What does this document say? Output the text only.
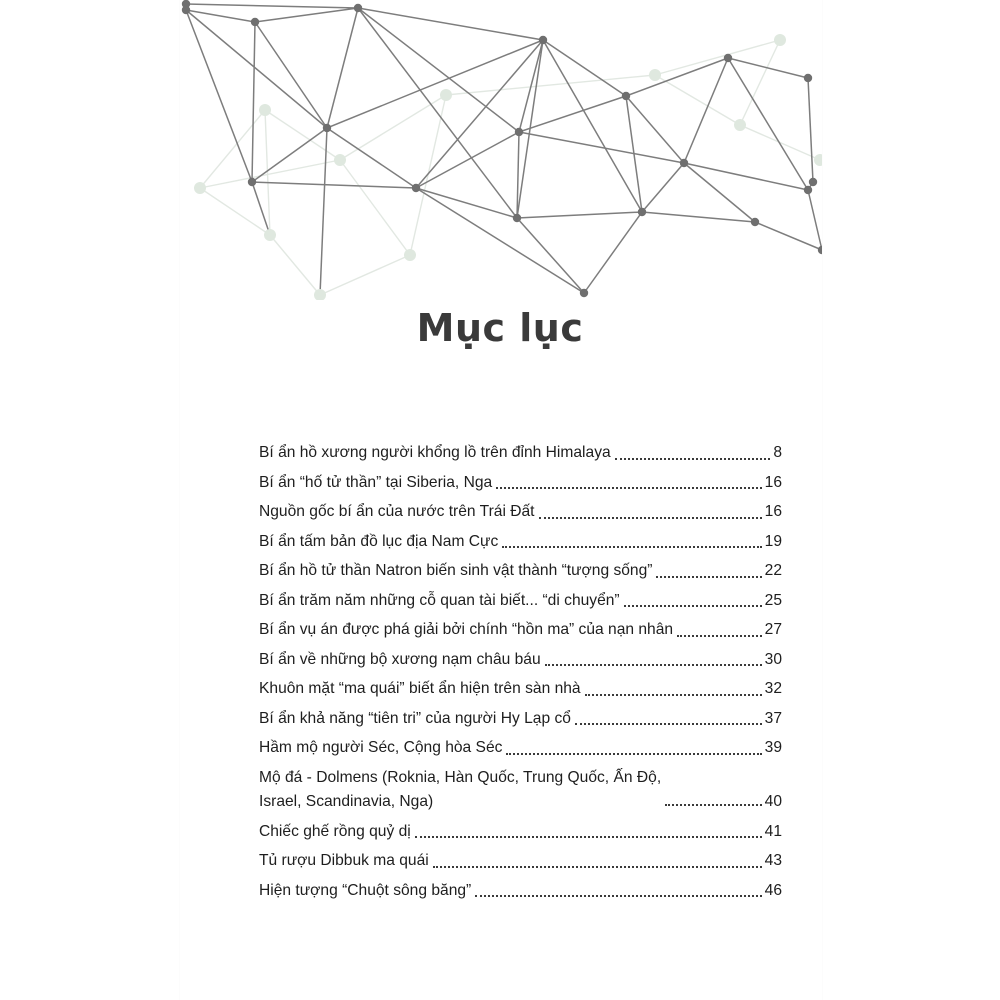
Mục lục
Bí ẩn hồ xương người khổng lồ trên đỉnh Himalaya	8
Bí ẩn “hố tử thần” tại Siberia, Nga	16
Nguồn gốc bí ẩn của nước trên Trái Đất	16
Bí ẩn tấm bản đồ lục địa Nam Cực	19
Bí ẩn hồ tử thần Natron biến sinh vật thành “tượng sống”	22
Bí ẩn trăm năm những cỗ quan tài biết... “di chuyển”	25
Bí ẩn vụ án được phá giải bởi chính “hồn ma” của nạn nhân	27
Bí ẩn về những bộ xương nạm châu báu	30
Khuôn mặt “ma quái” biết ẩn hiện trên sàn nhà	32
Bí ẩn khả năng “tiên tri” của người Hy Lạp cổ	37
Hầm mộ người Séc, Cộng hòa Séc	39
Mộ đá - Dolmens (Roknia, Hàn Quốc, Trung Quốc, Ấn Độ,
Israel, Scandinavia, Nga)	40
Chiếc ghế rồng quỷ dị	41
Tủ rượu Dibbuk ma quái	43
Hiện tượng “Chuột sông băng”	46
